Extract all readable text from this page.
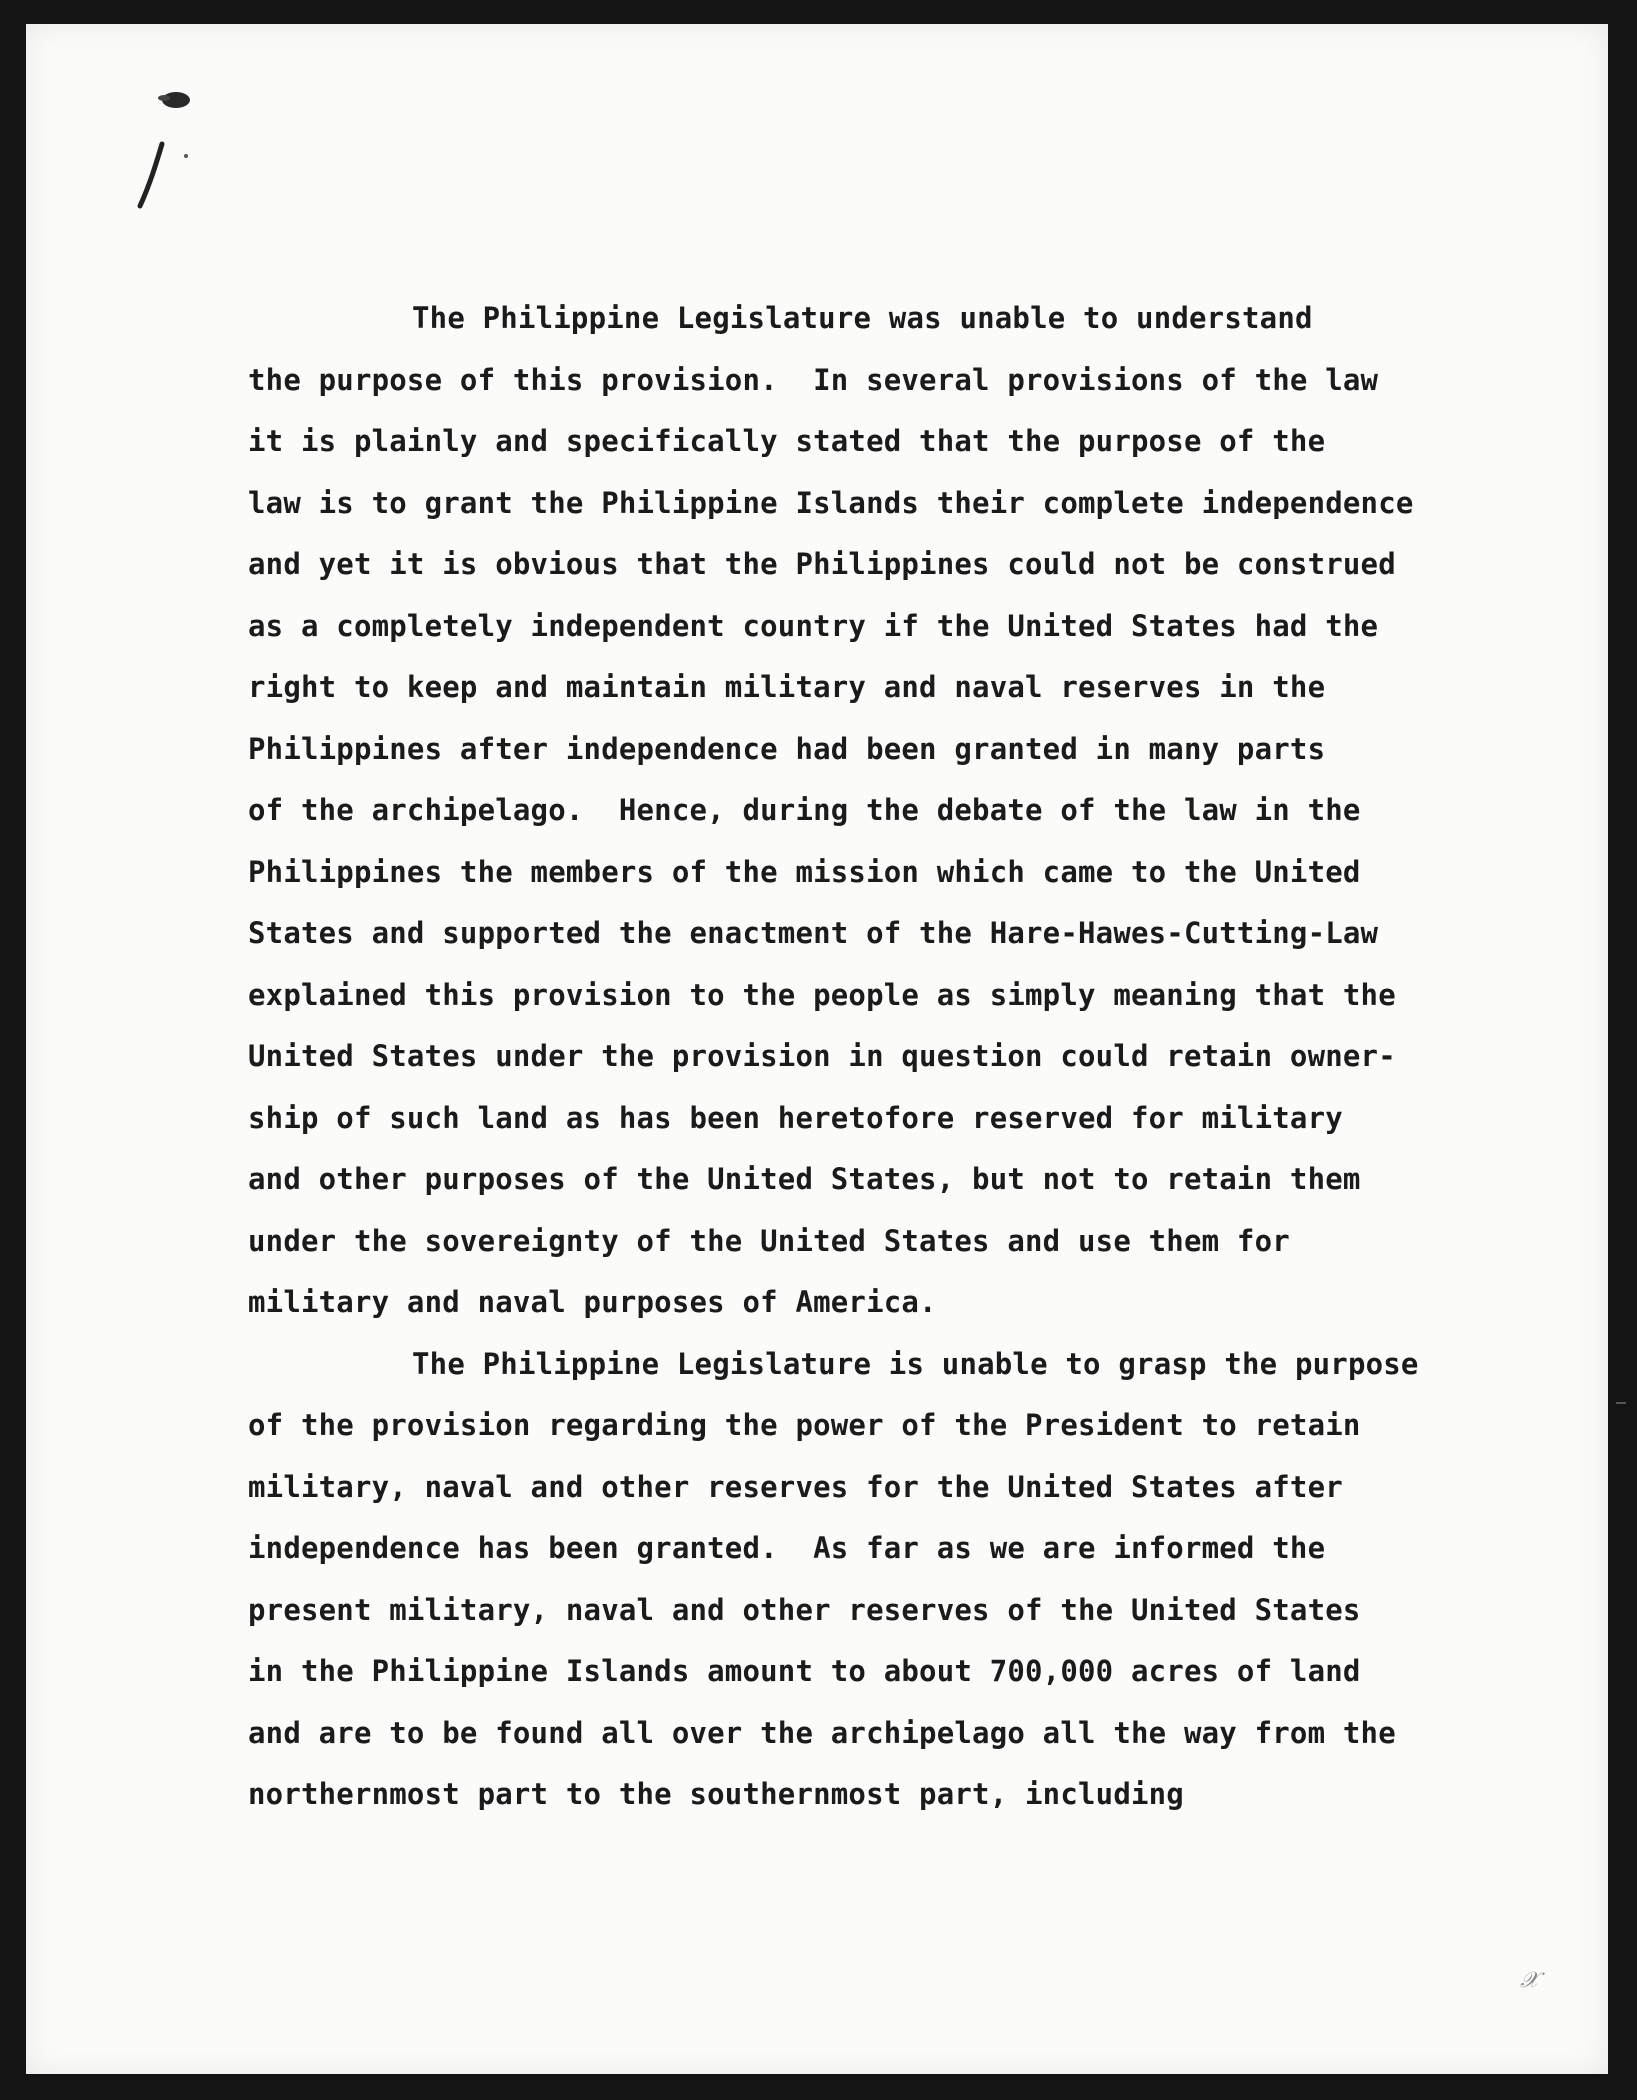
𝒳
The Philippine Legislature was unable to understand
the purpose of this provision.  In several provisions of the law
it is plainly and specifically stated that the purpose of the
law is to grant the Philippine Islands their complete independence
and yet it is obvious that the Philippines could not be construed
as a completely independent country if the United States had the
right to keep and maintain military and naval reserves in the
Philippines after independence had been granted in many parts
of the archipelago.  Hence, during the debate of the law in the
Philippines the members of the mission which came to the United
States and supported the enactment of the Hare-Hawes-Cutting-Law
explained this provision to the people as simply meaning that the
United States under the provision in question could retain owner-
ship of such land as has been heretofore reserved for military
and other purposes of the United States, but not to retain them
under the sovereignty of the United States and use them for
military and naval purposes of America.
The Philippine Legislature is unable to grasp the purpose
of the provision regarding the power of the President to retain
military, naval and other reserves for the United States after
independence has been granted.  As far as we are informed the
present military, naval and other reserves of the United States
in the Philippine Islands amount to about 700,000 acres of land
and are to be found all over the archipelago all the way from the
northernmost part to the southernmost part, including
